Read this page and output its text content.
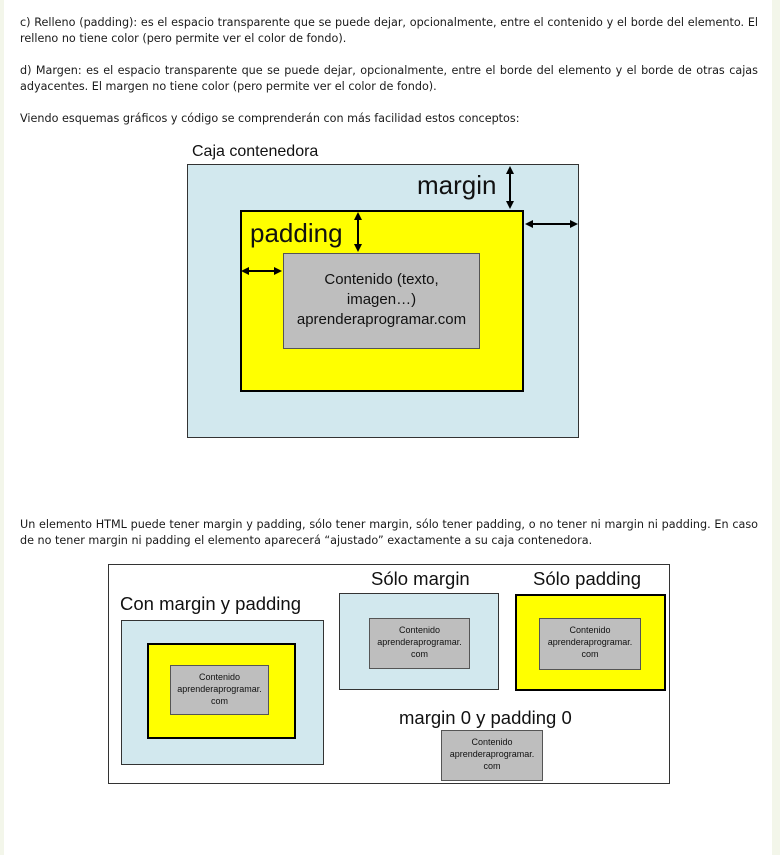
c) Relleno (padding): es el espacio transparente que se puede dejar, opcionalmente, entre el contenido y el borde del elemento. El relleno no tiene color (pero permite ver el color de fondo).

d) Margen: es el espacio transparente que se puede dejar, opcionalmente, entre el borde del elemento y el borde de otras cajas adyacentes. El margen no tiene color (pero permite ver el color de fondo).

Viendo esquemas gráficos y código se comprenderán con más facilidad estos conceptos:

Caja contenedora
margin
padding
Contenido (texto,
imagen…)
aprenderaprogramar.com

Un elemento HTML puede tener margin y padding, sólo tener margin, sólo tener padding, o no tener ni margin ni padding. En caso de no tener margin ni padding el elemento aparecerá “ajustado” exactamente a su caja contenedora.

Con margin y padding
Contenido
aprenderaprogramar.
com
Sólo margin
Contenido
aprenderaprogramar.
com
Sólo padding
Contenido
aprenderaprogramar.
com
margin 0 y padding 0
Contenido
aprenderaprogramar.
com
